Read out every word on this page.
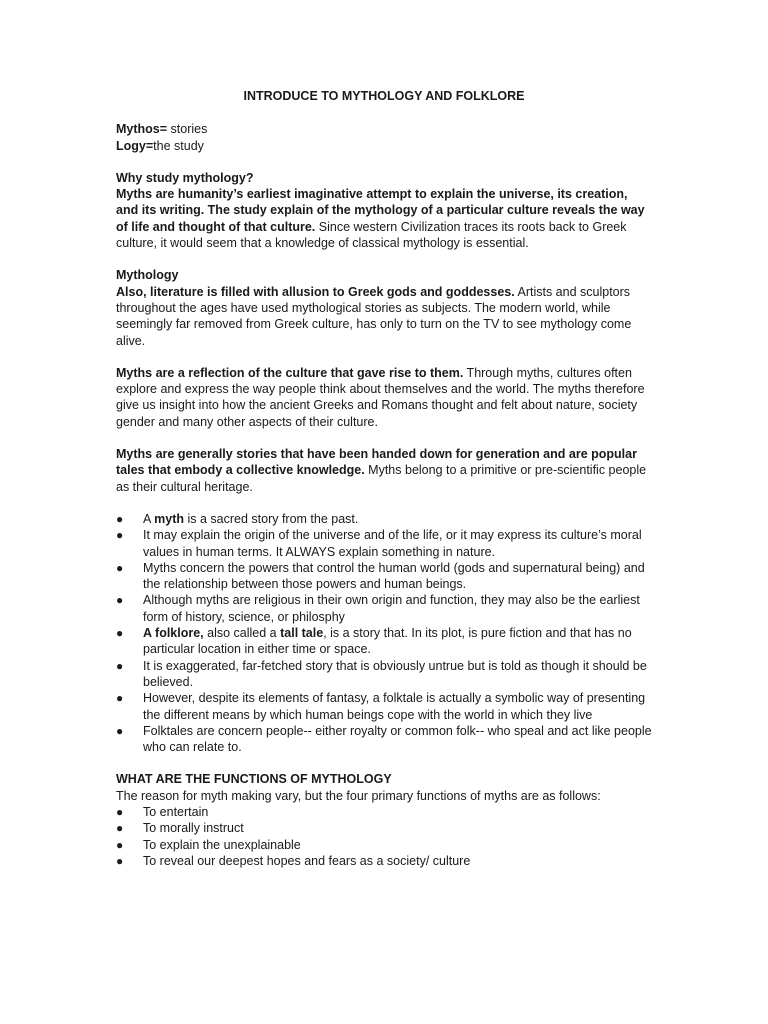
INTRODUCE TO MYTHOLOGY AND FOLKLORE

Mythos= stories

Logy=the study

Why study mythology?

Myths are humanity’s earliest imaginative attempt to explain the universe, its creation, and its writing. The study explain of the mythology of a particular culture reveals the way of life and thought of that culture. Since western Civilization traces its roots back to Greek culture, it would seem that a knowledge of classical mythology is essential.

Mythology

Also, literature is filled with allusion to Greek gods and goddesses. Artists and sculptors throughout the ages have used mythological stories as subjects. The modern world, while seemingly far removed from Greek culture, has only to turn on the TV to see mythology come alive.

Myths are a reflection of the culture that gave rise to them. Through myths, cultures often explore and express the way people think about themselves and the world. The myths therefore give us insight into how the ancient Greeks and Romans thought and felt about nature, society gender and many other aspects of their culture.

Myths are generally stories that have been handed down for generation and are popular tales that embody a collective knowledge. Myths belong to a primitive or pre-scientific people as their cultural heritage.

● A myth is a sacred story from the past.
● It may explain the origin of the universe and of the life, or it may express its culture’s moral values in human terms. It ALWAYS explain something in nature.
● Myths concern the powers that control the human world (gods and supernatural being) and the relationship between those powers and human beings.
● Although myths are religious in their own origin and function, they may also be the earliest form of history, science, or philosphy
● A folklore, also called a tall tale, is a story that. In its plot, is pure fiction and that has no particular location in either time or space.
● It is exaggerated, far-fetched story that is obviously untrue but is told as though it should be believed.
● However, despite its elements of fantasy, a folktale is actually a symbolic way of presenting the different means by which human beings cope with the world in which they live
● Folktales are concern people-- either royalty or common folk-- who speal and act like people who can relate to.

WHAT ARE THE FUNCTIONS OF MYTHOLOGY

The reason for myth making vary, but the four primary functions of myths are as follows:

● To entertain
● To morally instruct
● To explain the unexplainable
● To reveal our deepest hopes and fears as a society/ culture
